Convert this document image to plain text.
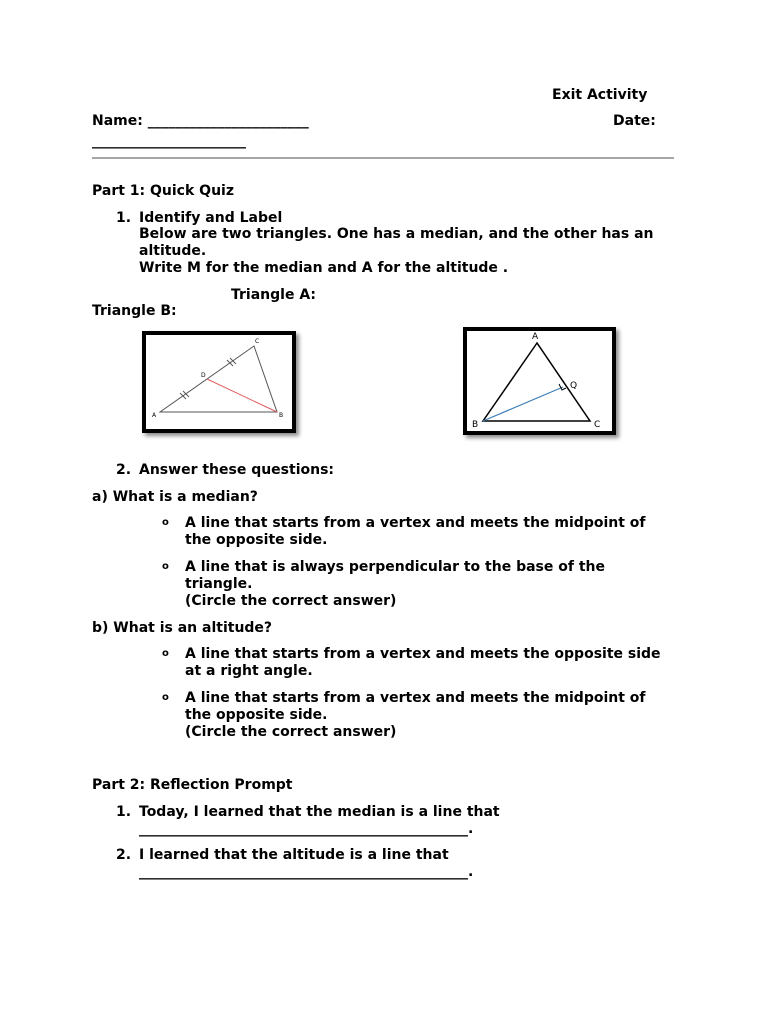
Exit Activity
Name: _______________________	Date:
______________________
Part 1: Quick Quiz
1. Identify and Label
Below are two triangles. One has a median, and the other has an
altitude.
Write M for the median and A for the altitude .
Triangle A:
Triangle B:
C
D
A	B
A
Q
B	C
2. Answer these questions:
a) What is a median?
o A line that starts from a vertex and meets the midpoint of
the opposite side.
o A line that is always perpendicular to the base of the
triangle.
(Circle the correct answer)
b) What is an altitude?
o A line that starts from a vertex and meets the opposite side
at a right angle.
o A line that starts from a vertex and meets the midpoint of
the opposite side.
(Circle the correct answer)
Part 2: Reflection Prompt
1. Today, I learned that the median is a line that
_______________________________________________.
2. I learned that the altitude is a line that
_______________________________________________.
